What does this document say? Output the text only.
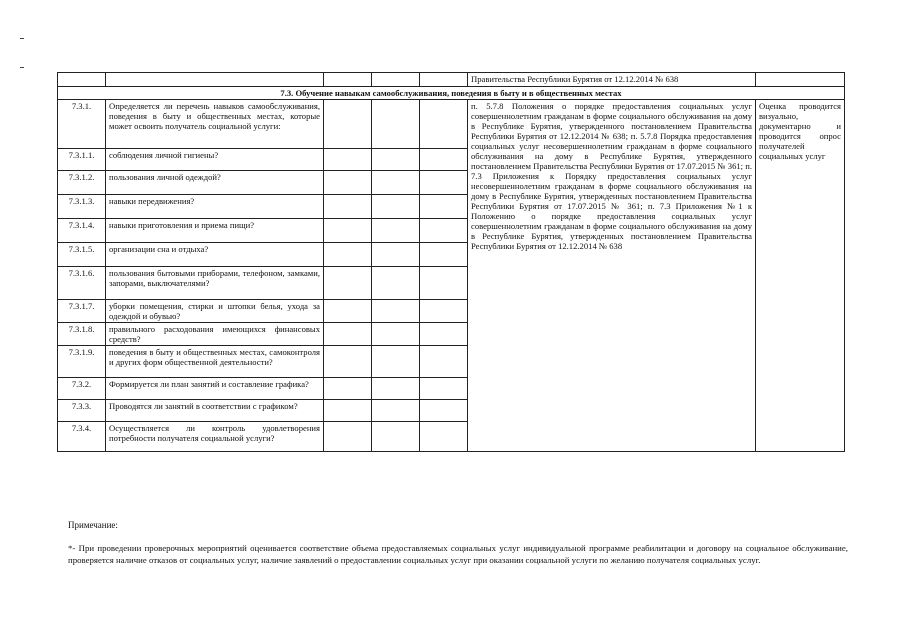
					Правительства Республики Бурятия от 12.12.2014 № 638	
7.3. Обучение навыкам самообслуживания, поведения в быту и в общественных местах						
7.3.1.	Определяется ли перечень навыков самообслуживания, поведения в быту и общественных местах, которые может освоить получатель социальной услуги:				п. 5.7.8 Положения о порядке предоставления социальных услуг совершеннолетним гражданам в форме социального обслуживания на дому в Республике Бурятия, утвержденного постановлением Правительства Республики Бурятия от 12.12.2014 № 638; п. 5.7.8 Порядка предоставления социальных услуг несовершеннолетним гражданам в форме социального обслуживания на дому в Республике Бурятия, утвержденного постановлением Правительства Республики Бурятия от 17.07.2015 № 361; п. 7.3 Приложения к Порядку предоставления социальных услуг несовершеннолетним гражданам в форме социального обслуживания на дому в Республике Бурятия, утвержденных постановлением Правительства Республики Бурятия от 17.07.2015 № 361; п. 7.3 Приложения №1 к Положению о порядке предоставления социальных услуг совершеннолетним гражданам в форме социального обслуживания на дому в Республике Бурятия, утвержденных постановлением Правительства Республики Бурятия от 12.12.2014 № 638	Оценка проводится визуально, документарно и проводится опрос получателей социальных услуг
7.3.1.1.	соблюдения личной гигиены?					
7.3.1.2.	пользования личной одеждой?					
7.3.1.3.	навыки передвижения?					
7.3.1.4.	навыки приготовления и приема пищи?					
7.3.1.5.	организации сна и отдыха?					
7.3.1.6.	пользования бытовыми приборами, телефоном, замками, запорами, выключателями?					
7.3.1.7.	уборки помещения, стирки и штопки белья, ухода за одеждой и обувью?					
7.3.1.8.	правильного расходования имеющихся финансовых средств?					
7.3.1.9.	поведения в быту и общественных местах, самоконтроля и других форм общественной деятельности?					
7.3.2.	Формируется ли план занятий и составление графика?					
7.3.3.	Проводятся ли занятий в соответствии с графиком?					
7.3.4.	Осуществляется ли контроль удовлетворения потребности получателя социальной услуги?					
Примечание:
*- При проведении проверочных мероприятий оценивается соответствие объема предоставляемых социальных услуг индивидуальной программе реабилитации и договору на социальное обслуживание, проверяется наличие отказов от социальных услуг, наличие заявлений о предоставлении социальных услуг при оказании социальной услуги по желанию получателя социальных услуг.
